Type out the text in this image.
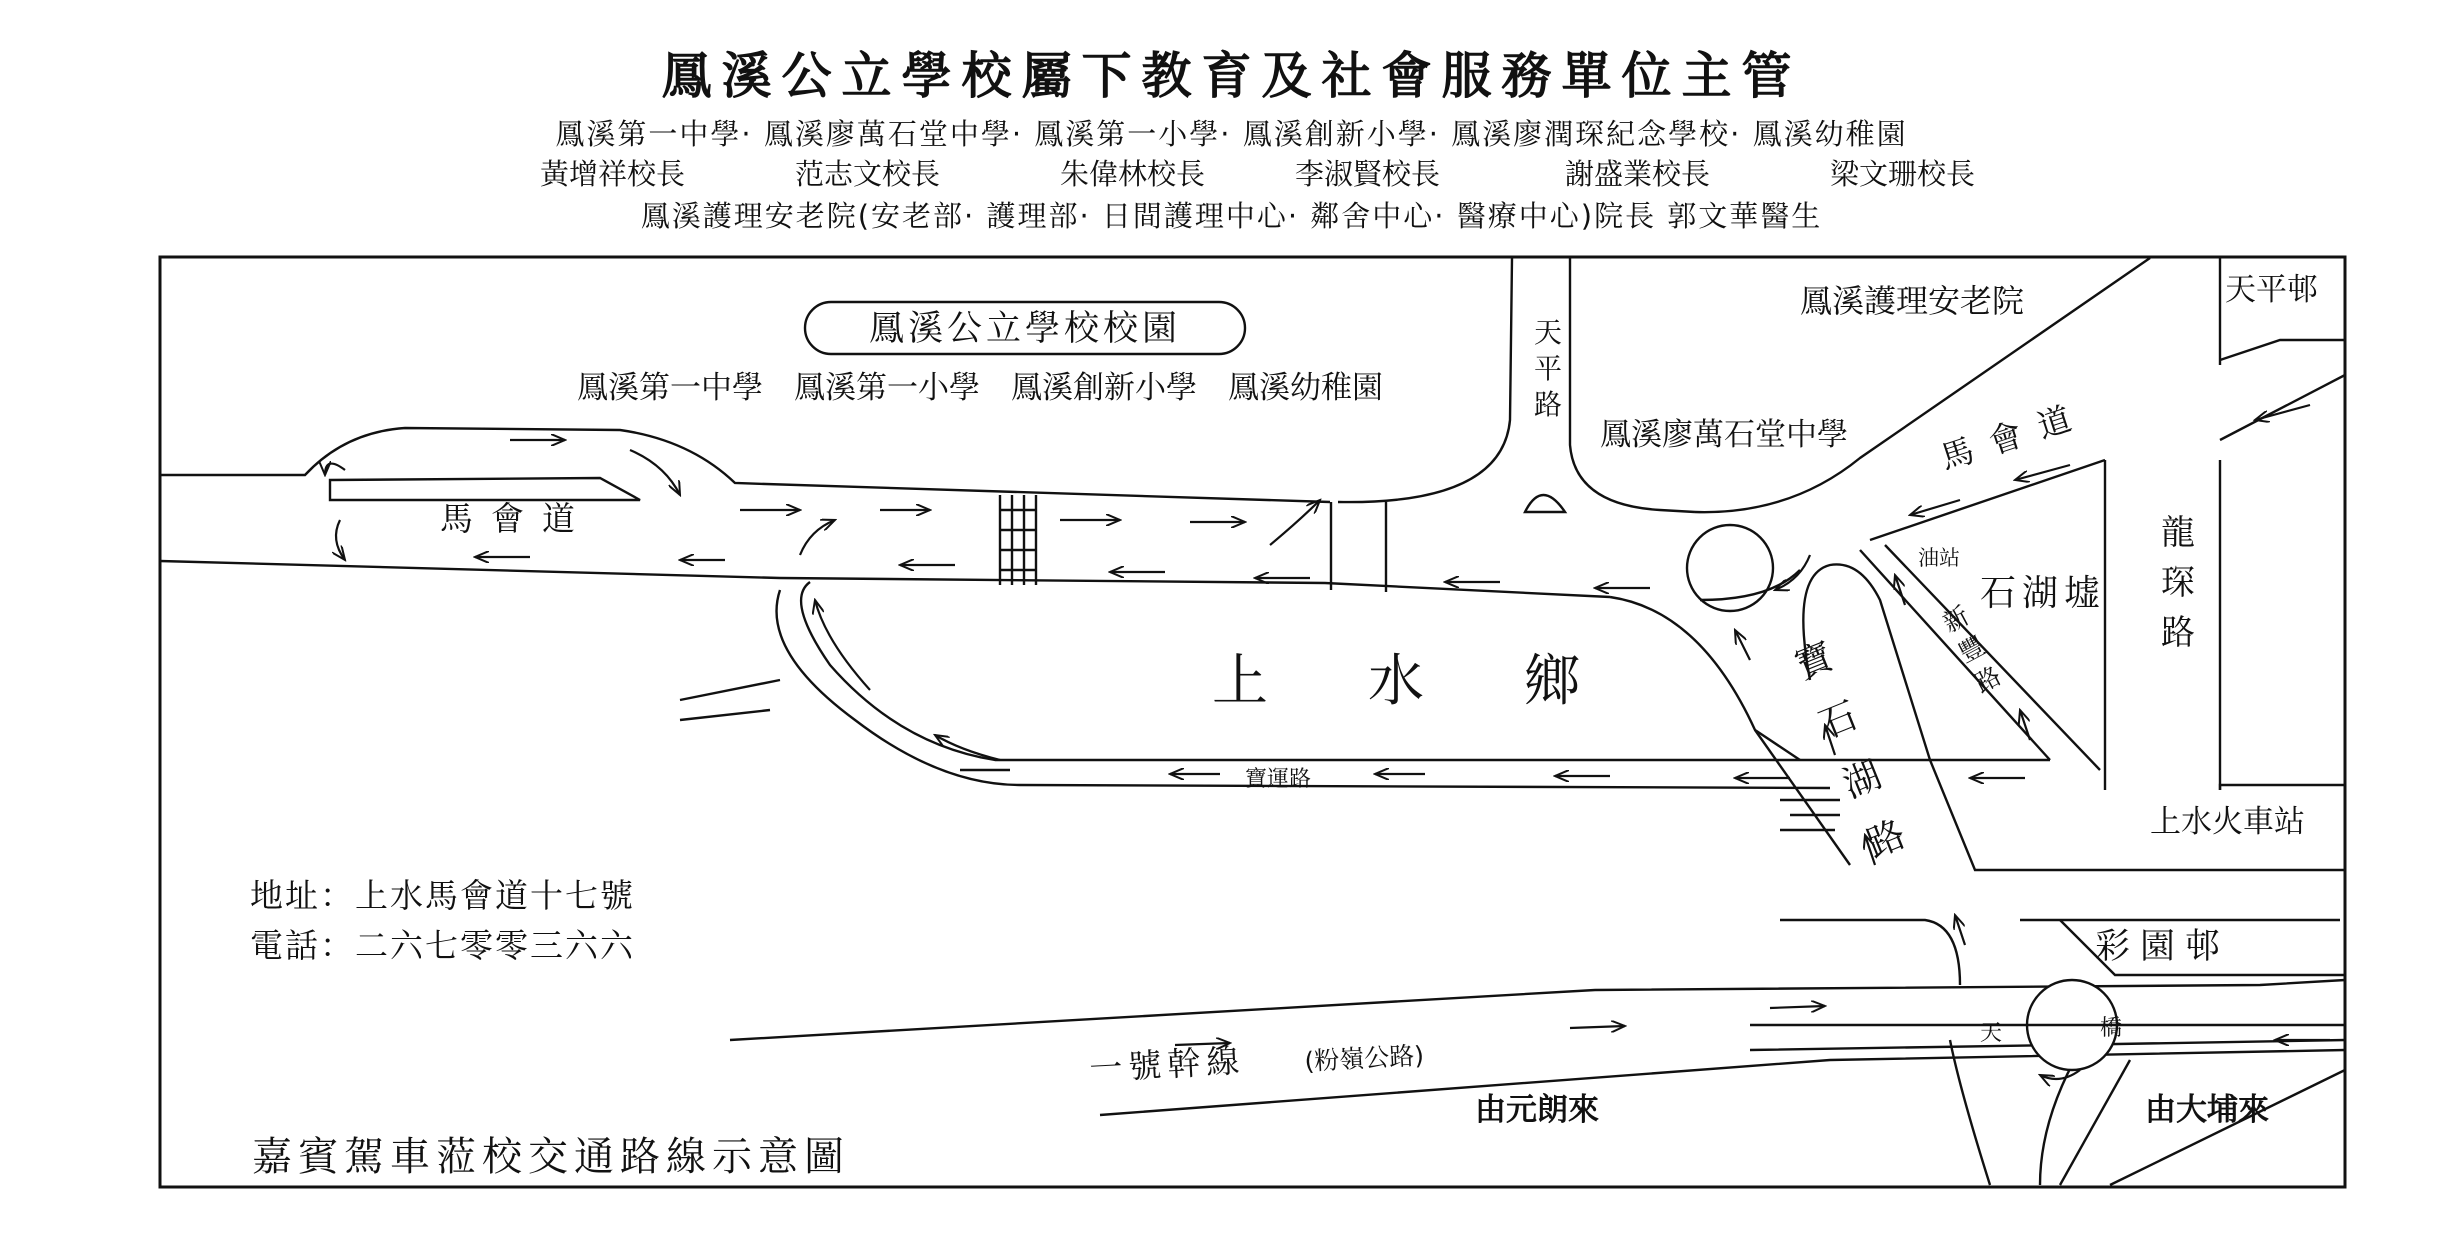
鳳溪公立學校屬下教育及社會服務單位主管
鳳溪第一中學· 鳳溪廖萬石堂中學· 鳳溪第一小學· 鳳溪創新小學· 鳳溪廖潤琛紀念學校· 鳳溪幼稚園
黃增祥校長	范志文校長	朱偉林校長	李淑賢校長	謝盛業校長	梁文珊校長
鳳溪護理安老院(安老部· 護理部· 日間護理中心· 鄰舍中心· 醫療中心)院長 郭文華醫生
鳳溪公立學校校園
鳳溪第一中學　鳳溪第一小學　鳳溪創新小學　鳳溪幼稚園
鳳溪護理安老院	天平邨
鳳溪廖萬石堂中學	馬會道
馬會道
油站
石湖墟
上　水　鄉
寶運路
上水火車站
彩園邨
天	橋
一號幹線 (粉嶺公路)
由元朗來	由大埔來
天平路
龍琛路
新豐路
寶石湖路
地址：上水馬會道十七號
電話：二六七零零三六六
嘉賓駕車蒞校交通路線示意圖
